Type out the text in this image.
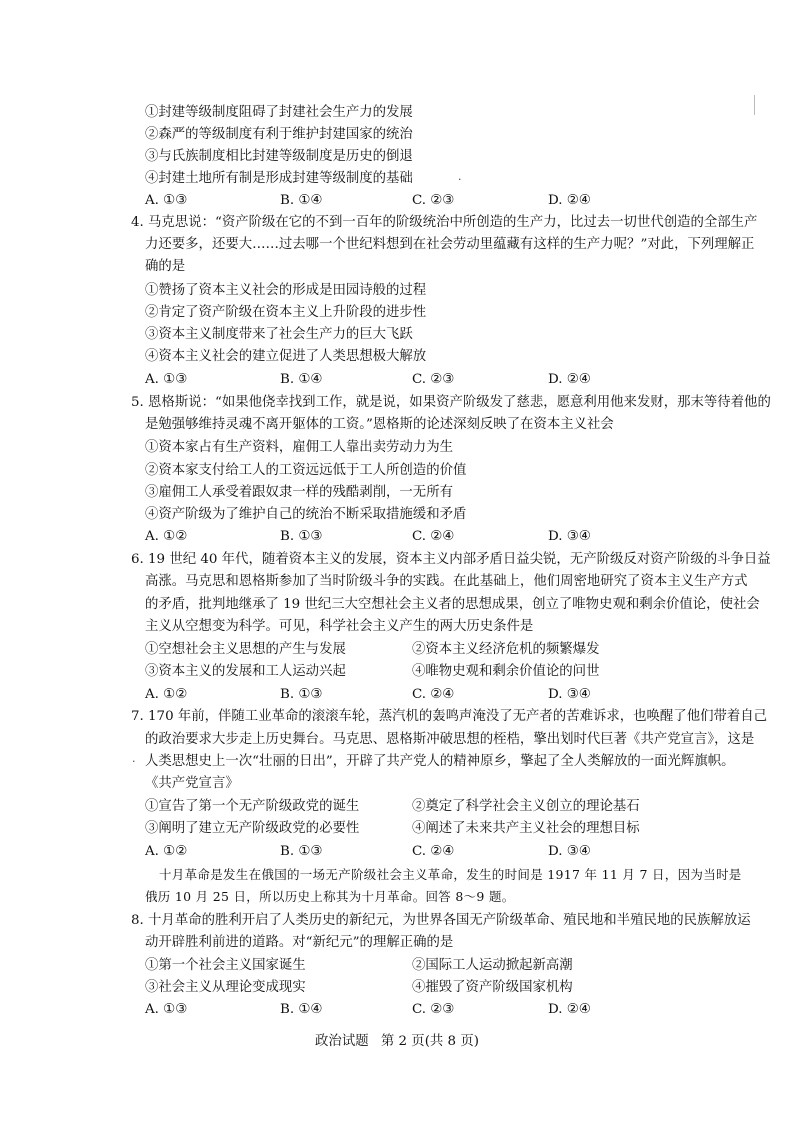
①封建等级制度阻碍了封建社会生产力的发展
②森严的等级制度有利于维护封建国家的统治
③与氏族制度相比封建等级制度是历史的倒退
④封建土地所有制是形成封建等级制度的基础	·
A. ①③	B. ①④	C. ②③	D. ②④
4. 马克思说：“资产阶级在它的不到一百年的阶级统治中所创造的生产力，比过去一切世代创造的全部生产
力还要多，还要大……过去哪一个世纪料想到在社会劳动里蕴藏有这样的生产力呢？”对此，下列理解正
确的是
①赞扬了资本主义社会的形成是田园诗般的过程
②肯定了资产阶级在资本主义上升阶段的进步性
③资本主义制度带来了社会生产力的巨大飞跃
④资本主义社会的建立促进了人类思想极大解放
A. ①③	B. ①④	C. ②③	D. ②④
5. 恩格斯说：“如果他侥幸找到工作，就是说，如果资产阶级发了慈悲，愿意利用他来发财，那末等待着他的
是勉强够维持灵魂不离开躯体的工资。”恩格斯的论述深刻反映了在资本主义社会
①资本家占有生产资料，雇佣工人靠出卖劳动力为生
②资本家支付给工人的工资远远低于工人所创造的价值
③雇佣工人承受着跟奴隶一样的残酷剥削，一无所有
④资产阶级为了维护自己的统治不断采取措施缓和矛盾
A. ①②	B. ①③	C. ②④	D. ③④
6. 19 世纪 40 年代，随着资本主义的发展，资本主义内部矛盾日益尖锐，无产阶级反对资产阶级的斗争日益
高涨。马克思和恩格斯参加了当时阶级斗争的实践。在此基础上，他们周密地研究了资本主义生产方式
的矛盾，批判地继承了 19 世纪三大空想社会主义者的思想成果，创立了唯物史观和剩余价值论，使社会
主义从空想变为科学。可见，科学社会主义产生的两大历史条件是
①空想社会主义思想的产生与发展	②资本主义经济危机的频繁爆发
③资本主义的发展和工人运动兴起	④唯物史观和剩余价值论的问世
A. ①②	B. ①③	C. ②④	D. ③④
7. 170 年前，伴随工业革命的滚滚车轮，蒸汽机的轰鸣声淹没了无产者的苦难诉求，也唤醒了他们带着自己
的政治要求大步走上历史舞台。马克思、恩格斯冲破思想的桎梏，擎出划时代巨著《共产党宣言》，这是
· 人类思想史上一次“壮丽的日出”，开辟了共产党人的精神原乡，擎起了全人类解放的一面光辉旗帜。
《共产党宣言》
①宣告了第一个无产阶级政党的诞生	②奠定了科学社会主义创立的理论基石
③阐明了建立无产阶级政党的必要性	④阐述了未来共产主义社会的理想目标
A. ①②	B. ①③	C. ②④	D. ③④
十月革命是发生在俄国的一场无产阶级社会主义革命，发生的时间是 1917 年 11 月 7 日，因为当时是
俄历 10 月 25 日，所以历史上称其为十月革命。回答 8～9 题。
8. 十月革命的胜利开启了人类历史的新纪元，为世界各国无产阶级革命、殖民地和半殖民地的民族解放运
动开辟胜利前进的道路。对“新纪元”的理解正确的是
①第一个社会主义国家诞生	②国际工人运动掀起新高潮
③社会主义从理论变成现实	④摧毁了资产阶级国家机构
A. ①③	B. ①④	C. ②③	D. ②④
政治试题 第 2 页(共 8 页)
